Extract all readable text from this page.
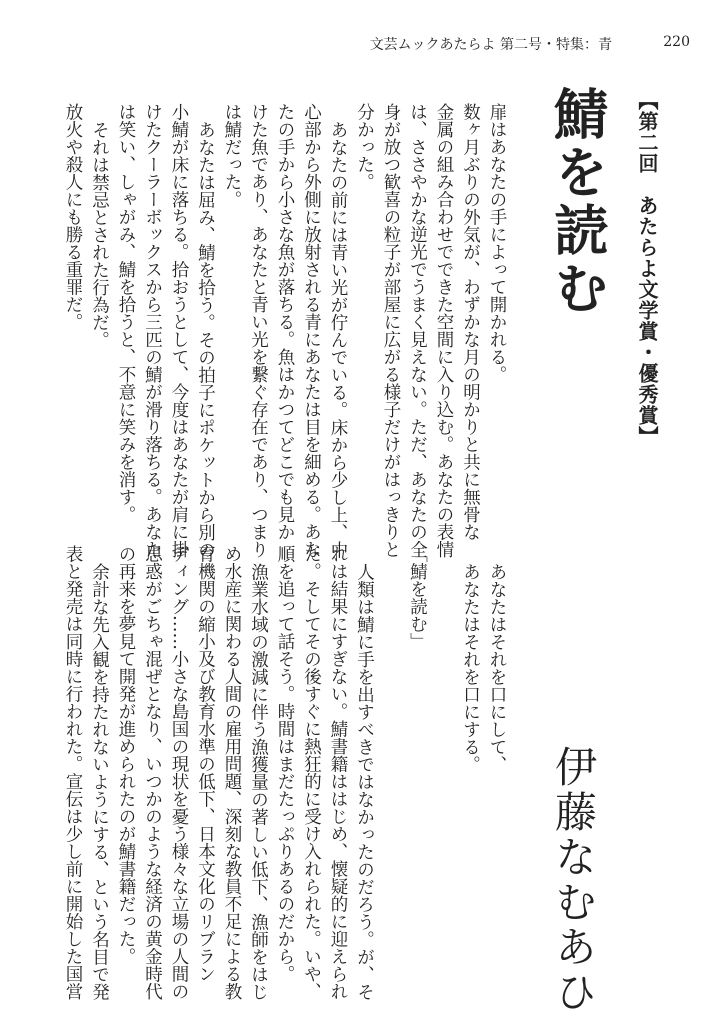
文芸ムックあたらよ 第二号・特集：青	220
【第二回　あたらよ文学賞・優秀賞】
鯖を読む
伊藤なむあひ
扉はあなたの手によって開かれる。
数ヶ月ぶりの外気が、わずかな月の明かりと共に無骨な
金属の組み合わせでできた空間に入り込む。あなたの表情
は、ささやかな逆光でうまく見えない。ただ、あなたの全
身が放つ歓喜の粒子が部屋に広がる様子だけがはっきりと
分かった。
あなたの前には青い光が佇んでいる。床から少し上、中
心部から外側に放射される青にあなたは目を細める。あな
たの手から小さな魚が落ちる。魚はかつてどこでも見か
けた魚であり、あなたと青い光を繋ぐ存在であり、つまり
は鯖だった。
あなたは屈み、鯖を拾う。その拍子にポケットから別の
小鯖が床に落ちる。拾おうとして、今度はあなたが肩に掛
けたクーラーボックスから三匹の鯖が滑り落ちる。あなた
は笑い、しゃがみ、鯖を拾うと、不意に笑みを消す。
それは禁忌とされた行為だ。
放火や殺人にも勝る重罪だ。
あなたはそれを口にして、
あなたはそれを口にする。
「鯖を読む」
人類は鯖に手を出すべきではなかったのだろう。が、そ
れは結果にすぎない。鯖書籍ははじめ、懐疑的に迎えられ
た。そしてその後すぐに熱狂的に受け入れられた。いや、
順を追って話そう。時間はまだたっぷりあるのだから。
漁業水域の激減に伴う漁獲量の著しい低下、漁師をはじ
め水産に関わる人間の雇用問題、深刻な教員不足による教
育機関の縮小及び教育水準の低下、日本文化のリブラン
ディング……小さな島国の現状を憂う様々な立場の人間の
思惑がごちゃ混ぜとなり、いつかのような経済の黄金時代
の再来を夢見て開発が進められたのが鯖書籍だった。
余計な先入観を持たれないようにする、という名目で発
表と発売は同時に行われた。宣伝は少し前に開始した国営
